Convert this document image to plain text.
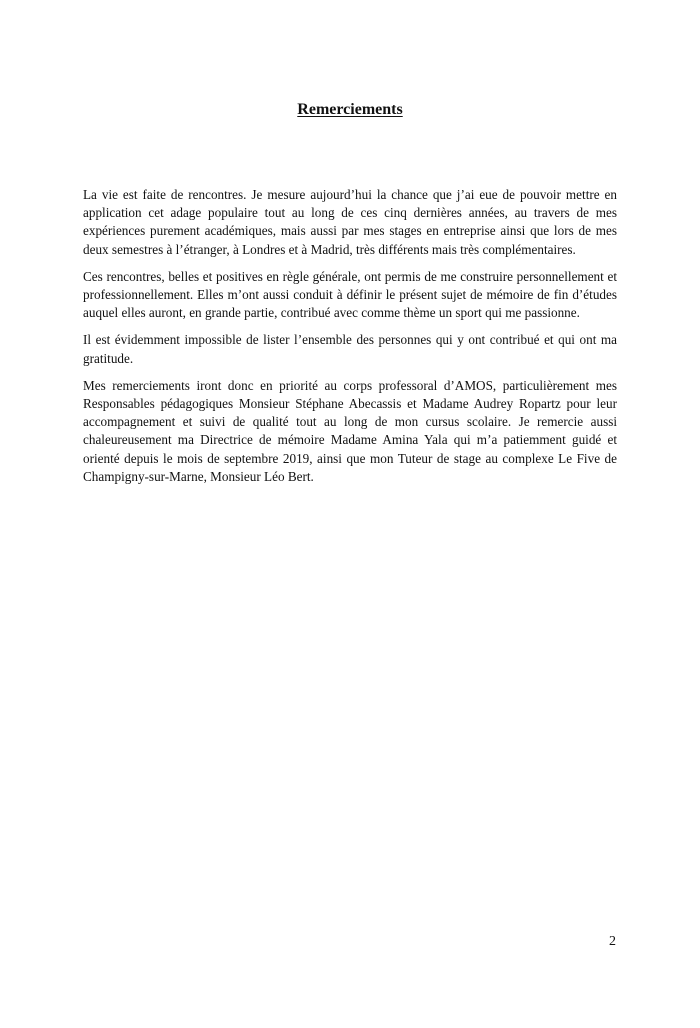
Remerciements

La vie est faite de rencontres. Je mesure aujourd’hui la chance que j’ai eue de pouvoir mettre en application cet adage populaire tout au long de ces cinq dernières années, au travers de mes expériences purement académiques, mais aussi par mes stages en entreprise ainsi que lors de mes deux semestres à l’étranger, à Londres et à Madrid, très différents mais très complémentaires.

Ces rencontres, belles et positives en règle générale, ont permis de me construire personnellement et professionnellement. Elles m’ont aussi conduit à définir le présent sujet de mémoire de fin d’études auquel elles auront, en grande partie, contribué avec comme thème un sport qui me passionne.

Il est évidemment impossible de lister l’ensemble des personnes qui y ont contribué et qui ont ma gratitude.

Mes remerciements iront donc en priorité au corps professoral d’AMOS, particulièrement mes Responsables pédagogiques Monsieur Stéphane Abecassis et Madame Audrey Ropartz pour leur accompagnement et suivi de qualité tout au long de mon cursus scolaire. Je remercie aussi chaleureusement ma Directrice de mémoire Madame Amina Yala qui m’a patiemment guidé et orienté depuis le mois de septembre 2019, ainsi que mon Tuteur de stage au complexe Le Five de Champigny-sur-Marne, Monsieur Léo Bert.

2
